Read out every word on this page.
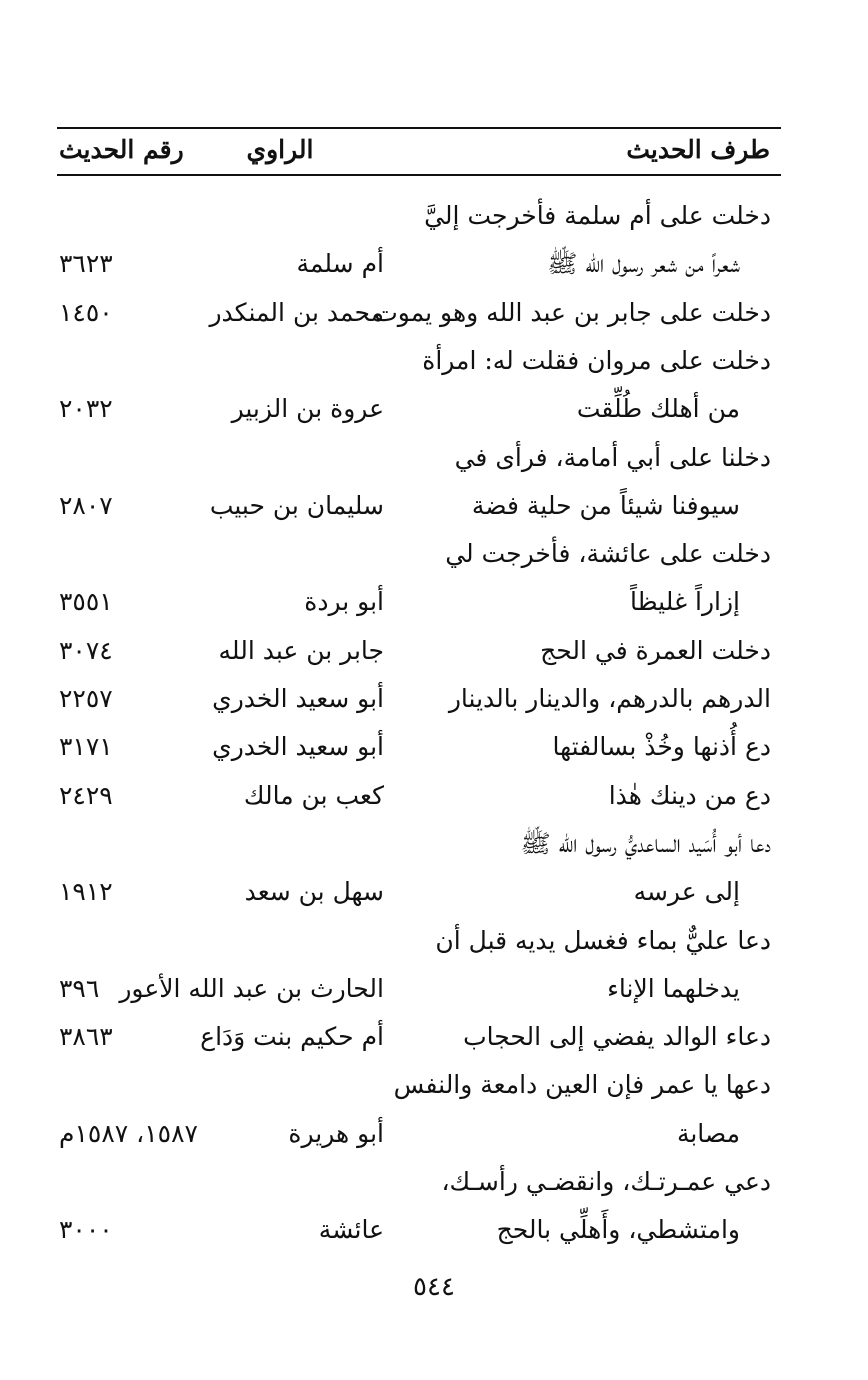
طرف الحديث
الراوي
رقم الحديث
دخلت على أم سلمة فأخرجت إليَّ
شعراً من شعر رسول الله ﷺ
أم سلمة
٣٦٢٣
دخلت على جابر بن عبد الله وهو يموت
محمد بن المنكدر
١٤٥٠
دخلت على مروان فقلت له: امرأة
من أهلك طُلِّقت
عروة بن الزبير
٢٠٣٢
دخلنا على أبي أمامة، فرأى في
سيوفنا شيئاً من حلية فضة
سليمان بن حبيب
٢٨٠٧
دخلت على عائشة، فأخرجت لي
إزاراً غليظاً
أبو بردة
٣٥٥١
دخلت العمرة في الحج
جابر بن عبد الله
٣٠٧٤
الدرهم بالدرهم، والدينار بالدينار
أبو سعيد الخدري
٢٢٥٧
دع أُذنها وخُذْ بسالفتها
أبو سعيد الخدري
٣١٧١
دع من دينك هٰذا
كعب بن مالك
٢٤٢٩
دعا أبو أُسَيد الساعديُّ رسول الله ﷺ
إلى عرسه
سهل بن سعد
١٩١٢
دعا عليٌّ بماء فغسل يديه قبل أن
يدخلهما الإناء
الحارث بن عبد الله الأعور
٣٩٦
دعاء الوالد يفضي إلى الحجاب
أم حكيم بنت وَدَاع
٣٨٦٣
دعها يا عمر فإن العين دامعة والنفس
مصابة
أبو هريرة
١٥٨٧، ١٥٨٧م
دعي عمـرتـك، وانقضـي رأسـك،
وامتشطي، وأَهلِّي بالحج
عائشة
٣٠٠٠
٥٤٤
